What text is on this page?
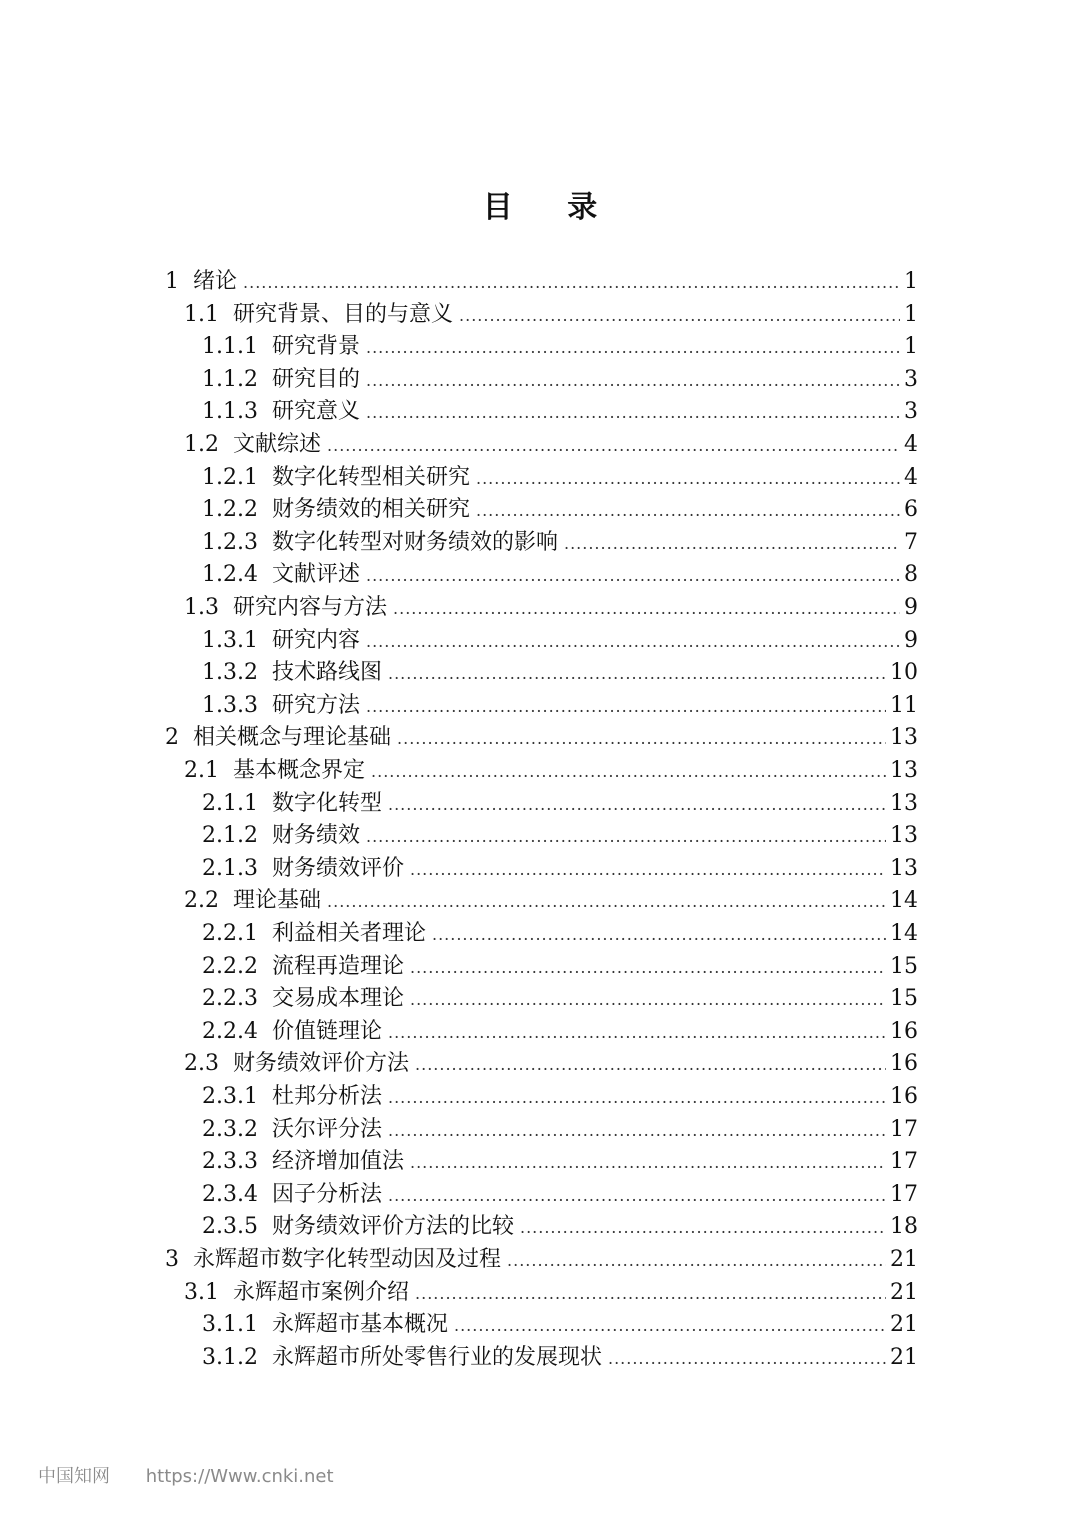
目 录
1 绪论 .....	1
1.1 研究背景、目的与意义 .....	1
1.1.1 研究背景 .....	1
1.1.2 研究目的 .....	3
1.1.3 研究意义 .....	3
1.2 文献综述 .....	4
1.2.1 数字化转型相关研究 .....	4
1.2.2 财务绩效的相关研究 .....	6
1.2.3 数字化转型对财务绩效的影响 .....	7
1.2.4 文献评述 .....	8
1.3 研究内容与方法 .....	9
1.3.1 研究内容 .....	9
1.3.2 技术路线图 .....	10
1.3.3 研究方法 .....	11
2 相关概念与理论基础 .....	13
2.1 基本概念界定 .....	13
2.1.1 数字化转型 .....	13
2.1.2 财务绩效 .....	13
2.1.3 财务绩效评价 .....	13
2.2 理论基础 .....	14
2.2.1 利益相关者理论 .....	14
2.2.2 流程再造理论 .....	15
2.2.3 交易成本理论 .....	15
2.2.4 价值链理论 .....	16
2.3 财务绩效评价方法 .....	16
2.3.1 杜邦分析法 .....	16
2.3.2 沃尔评分法 .....	17
2.3.3 经济增加值法 .....	17
2.3.4 因子分析法 .....	17
2.3.5 财务绩效评价方法的比较 .....	18
3 永辉超市数字化转型动因及过程 .....	21
3.1 永辉超市案例介绍 .....	21
3.1.1 永辉超市基本概况 .....	21
3.1.2 永辉超市所处零售行业的发展现状 .....	21
中国知网 https://Www.cnki.net
